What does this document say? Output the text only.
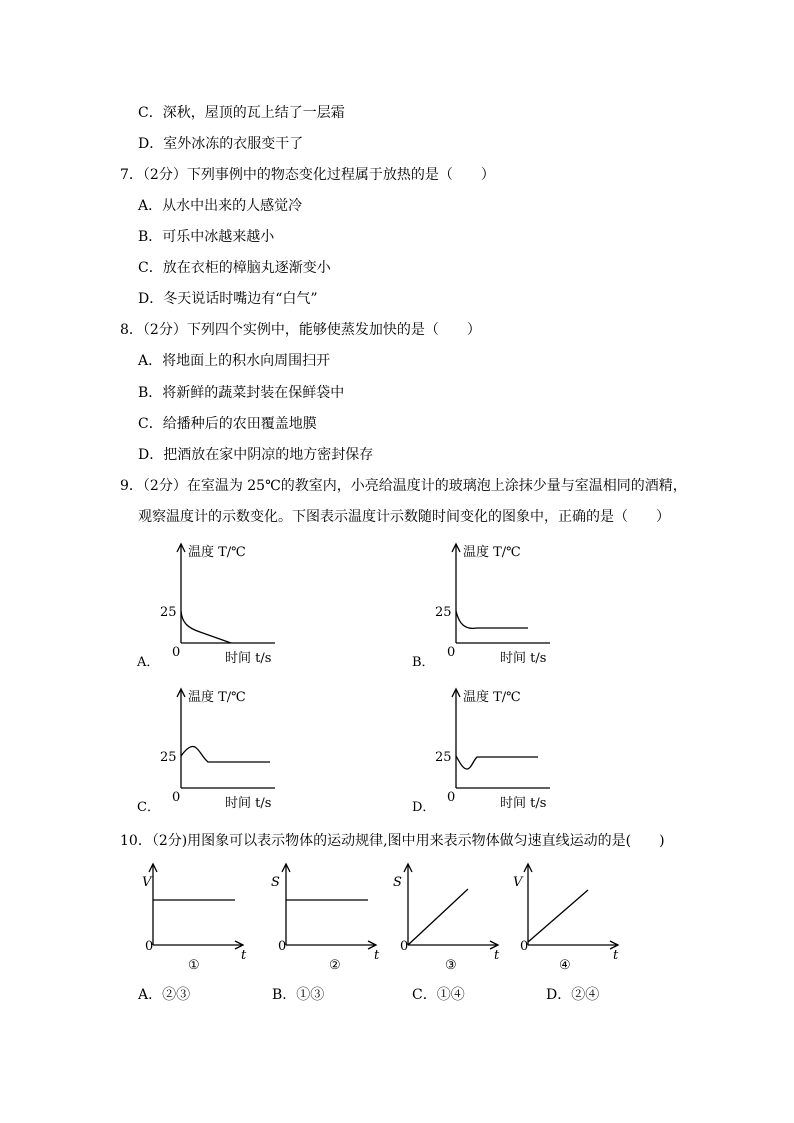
C．深秋，屋顶的瓦上结了一层霜
D．室外冰冻的衣服变干了
7．（2分）下列事例中的物态变化过程属于放热的是（　　）
A．从水中出来的人感觉冷
B．可乐中冰越来越小
C．放在衣柜的樟脑丸逐渐变小
D．冬天说话时嘴边有“白气”
8．（2分）下列四个实例中，能够使蒸发加快的是（　　）
A．将地面上的积水向周围扫开
B．将新鲜的蔬菜封装在保鲜袋中
C．给播种后的农田覆盖地膜
D．把酒放在家中阴凉的地方密封保存
9．（2分）在室温为 25℃的教室内，小亮给温度计的玻璃泡上涂抹少量与室温相同的酒精，
观察温度计的示数变化。下图表示温度计示数随时间变化的图象中，正确的是（　　）
温度 T/℃
25
0	时间 t/s
A．
温度 T/℃
25
0	时间 t/s
B．
温度 T/℃
25
0	时间 t/s
C．
温度 T/℃
25
0	时间 t/s
D．
10．（2分)用图象可以表示物体的运动规律,图中用来表示物体做匀速直线运动的是(　　)
V
0
t
①
S
0
t
②
S
0
t
③
V
0
t
④
A．②③	B．①③	C．①④	D．②④
